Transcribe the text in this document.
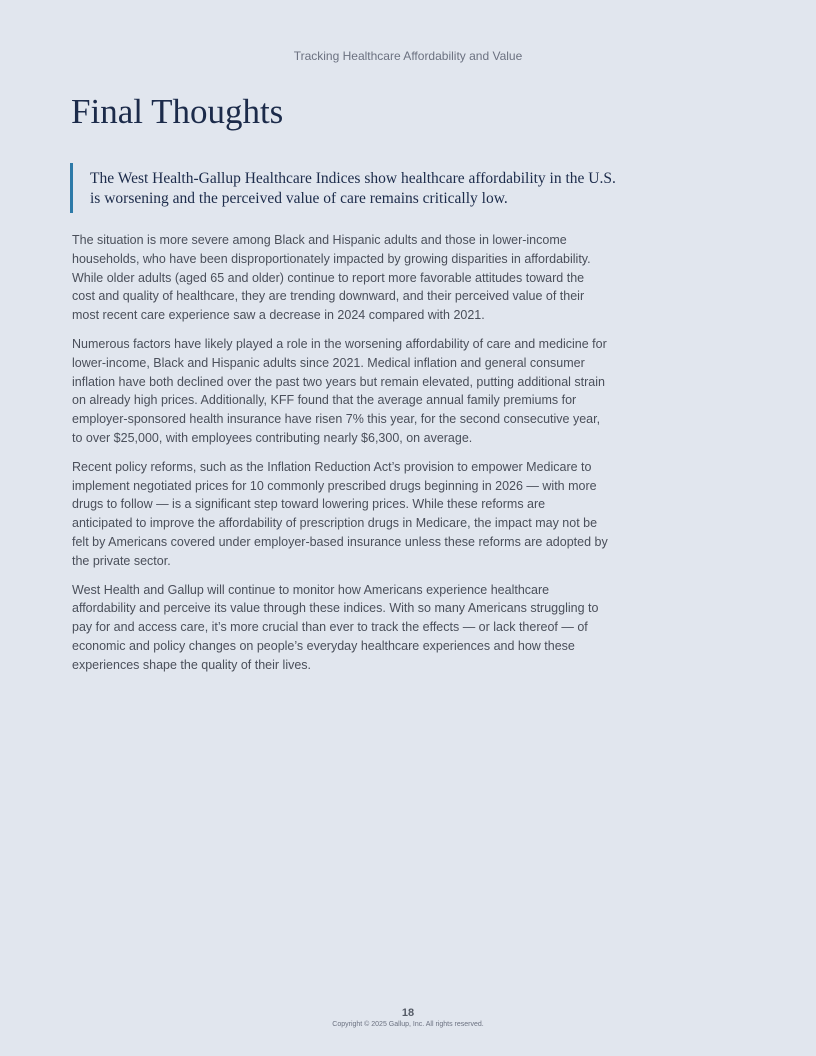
Tracking Healthcare Affordability and Value
Final Thoughts
The West Health-Gallup Healthcare Indices show healthcare affordability in the U.S. is worsening and the perceived value of care remains critically low.

The situation is more severe among Black and Hispanic adults and those in lower-income households, who have been disproportionately impacted by growing disparities in affordability. While older adults (aged 65 and older) continue to report more favorable attitudes toward the cost and quality of healthcare, they are trending downward, and their perceived value of their most recent care experience saw a decrease in 2024 compared with 2021.

Numerous factors have likely played a role in the worsening affordability of care and medicine for lower-income, Black and Hispanic adults since 2021. Medical inflation and general consumer inflation have both declined over the past two years but remain elevated, putting additional strain on already high prices. Additionally, KFF found that the average annual family premiums for employer-sponsored health insurance have risen 7% this year, for the second consecutive year, to over $25,000, with employees contributing nearly $6,300, on average.

Recent policy reforms, such as the Inflation Reduction Act’s provision to empower Medicare to implement negotiated prices for 10 commonly prescribed drugs beginning in 2026 — with more drugs to follow — is a significant step toward lowering prices. While these reforms are anticipated to improve the affordability of prescription drugs in Medicare, the impact may not be felt by Americans covered under employer-based insurance unless these reforms are adopted by the private sector.

West Health and Gallup will continue to monitor how Americans experience healthcare affordability and perceive its value through these indices. With so many Americans struggling to pay for and access care, it’s more crucial than ever to track the effects — or lack thereof — of economic and policy changes on people’s everyday healthcare experiences and how these experiences shape the quality of their lives.

18
Copyright © 2025 Gallup, Inc. All rights reserved.
